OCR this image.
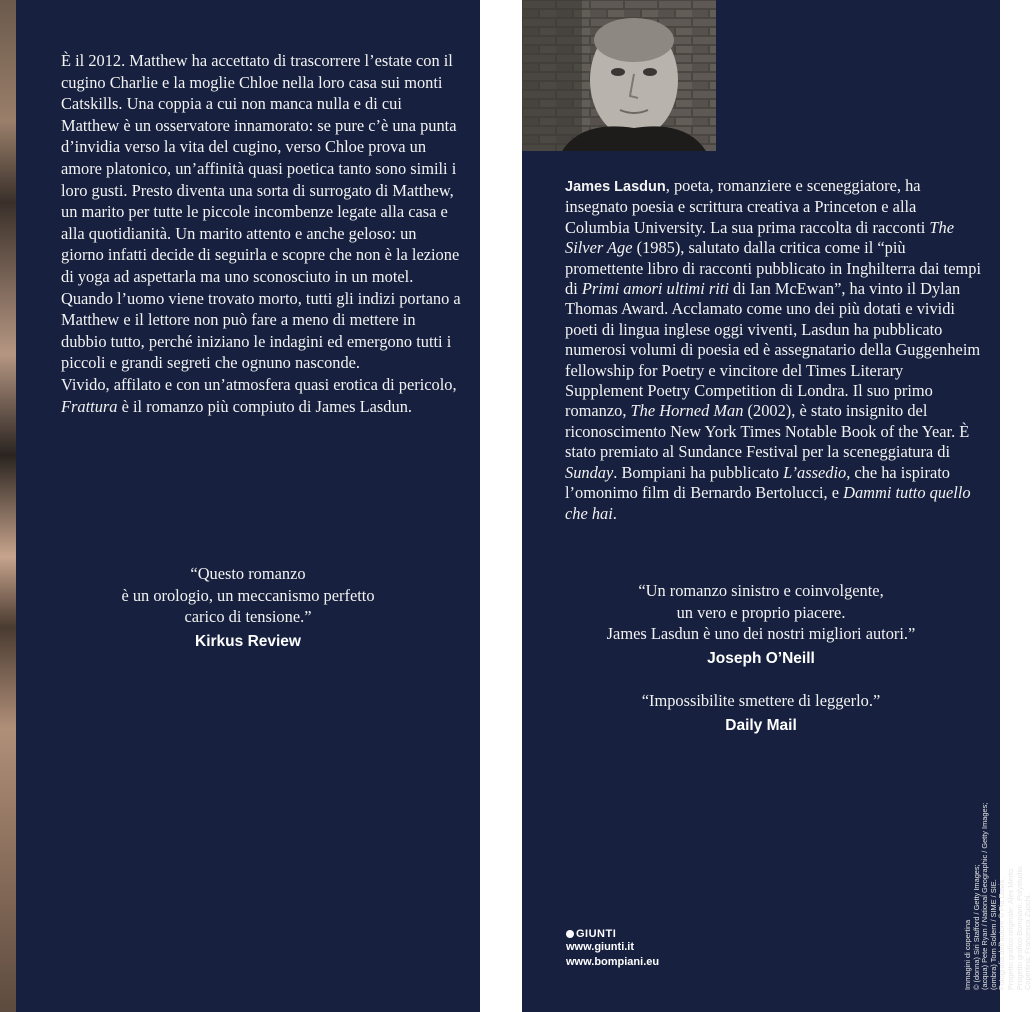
È il 2012. Matthew ha accettato di trascorrere l’estate con il cugino Charlie e la moglie Chloe nella loro casa sui monti Catskills. Una coppia a cui non manca nulla e di cui Matthew è un osservatore innamorato: se pure c’è una punta d’invidia verso la vita del cugino, verso Chloe prova un amore platonico, un’affinità quasi poetica tanto sono simili i loro gusti. Presto diventa una sorta di surrogato di Matthew, un marito per tutte le piccole incombenze legate alla casa e alla quotidianità. Un marito attento e anche geloso: un giorno infatti decide di seguirla e scopre che non è la lezione di yoga ad aspettarla ma uno sconosciuto in un motel. Quando l’uomo viene trovato morto, tutti gli indizi portano a Matthew e il lettore non può fare a meno di mettere in dubbio tutto, perché iniziano le indagini ed emergono tutti i piccoli e grandi segreti che ognuno nasconde.

Vivido, affilato e con un’atmosfera quasi erotica di pericolo, Frattura è il romanzo più compiuto di James Lasdun.

“Questo romanzo
è un orologio, un meccanismo perfetto
carico di tensione.”
Kirkus Review
James Lasdun, poeta, romanziere e sceneggiatore, ha insegnato poesia e scrittura creativa a Princeton e alla Columbia University. La sua prima raccolta di racconti The Silver Age (1985), salutato dalla critica come il “più promettente libro di racconti pubblicato in Inghilterra dai tempi di Primi amori ultimi riti di Ian McEwan”, ha vinto il Dylan Thomas Award. Acclamato come uno dei più dotati e vividi poeti di lingua inglese oggi viventi, Lasdun ha pubblicato numerosi volumi di poesia ed è assegnatario della Guggenheim fellowship for Poetry e vincitore del Times Literary Supplement Poetry Competition di Londra. Il suo primo romanzo, The Horned Man (2002), è stato insignito del riconoscimento New York Times Notable Book of the Year. È stato premiato al Sundance Festival per la sceneggiatura di Sunday. Bompiani ha pubblicato L’assedio, che ha ispirato l’omonimo film di Bernardo Bertolucci, e Dammi tutto quello che hai.
“Un romanzo sinistro e coinvolgente,
un vero e proprio piacere.
James Lasdun è uno dei nostri migliori autori.”
Joseph O’Neill
“Impossibilite smettere di leggerlo.”
Daily Mail
GIUNTI
www.giunti.it
www.bompiani.eu	Immagini di copertina © (donna) Siri Stafford / Getty Images; (acqua) Pete Ryan / National Geographic / Getty Images; (ombra) Tom Sollem / SIME / SIE. Fotografia dell’autore © Pia Davis. Progetto grafico originale: Alex Merto. Progetto grafico Bompiani: Polystudio. Copertina: Francesca Zucchi.
